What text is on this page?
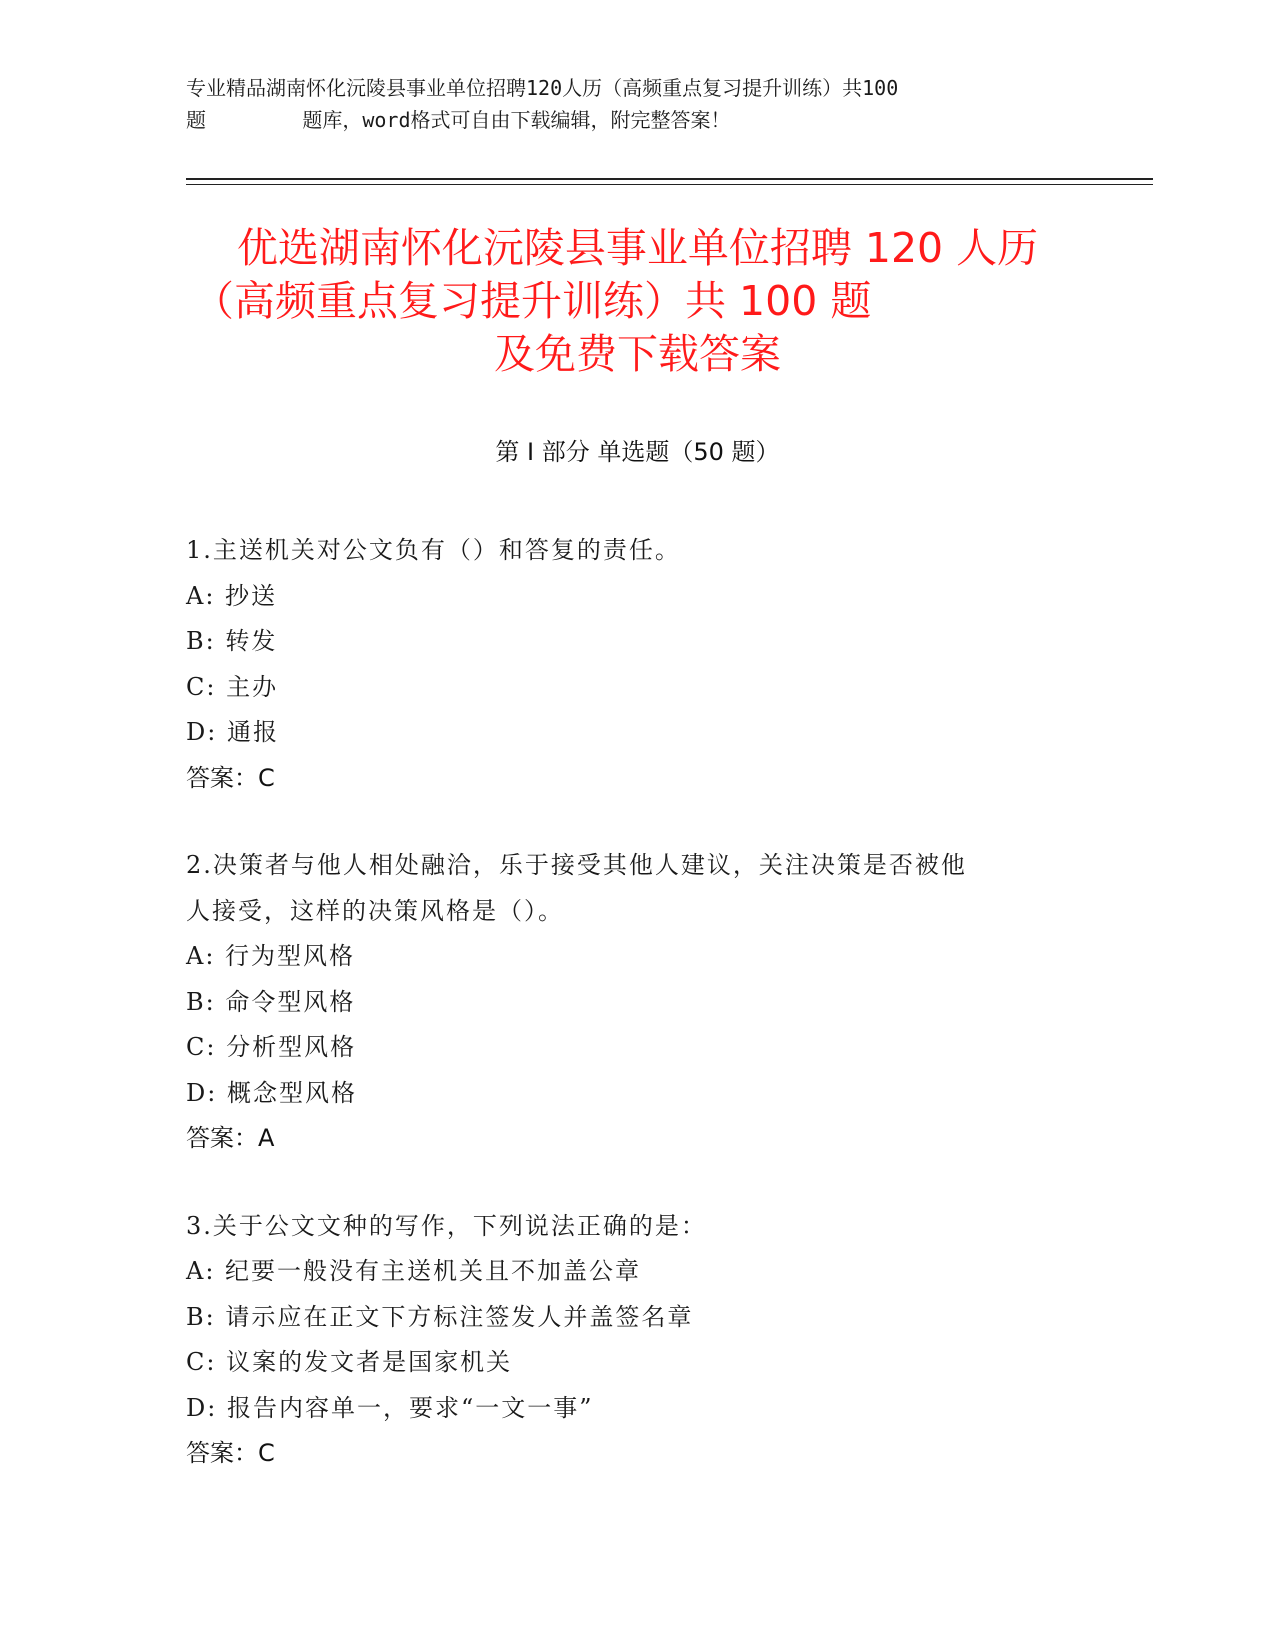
专业精品湖南怀化沅陵县事业单位招聘120人历（高频重点复习提升训练）共100
题        题库，word格式可自由下载编辑，附完整答案！
优选湖南怀化沅陵县事业单位招聘 120 人历
（高频重点复习提升训练）共 100 题
及免费下载答案
第 I 部分 单选题（50 题）
1.主送机关对公文负有（）和答复的责任。
A: 抄送
B: 转发
C: 主办
D: 通报
答案：C
2.决策者与他人相处融洽，乐于接受其他人建议，关注决策是否被他
人接受，这样的决策风格是（）。
A: 行为型风格
B: 命令型风格
C: 分析型风格
D: 概念型风格
答案：A
3.关于公文文种的写作，下列说法正确的是：
A: 纪要一般没有主送机关且不加盖公章
B: 请示应在正文下方标注签发人并盖签名章
C: 议案的发文者是国家机关
D: 报告内容单一，要求“一文一事”
答案：C
